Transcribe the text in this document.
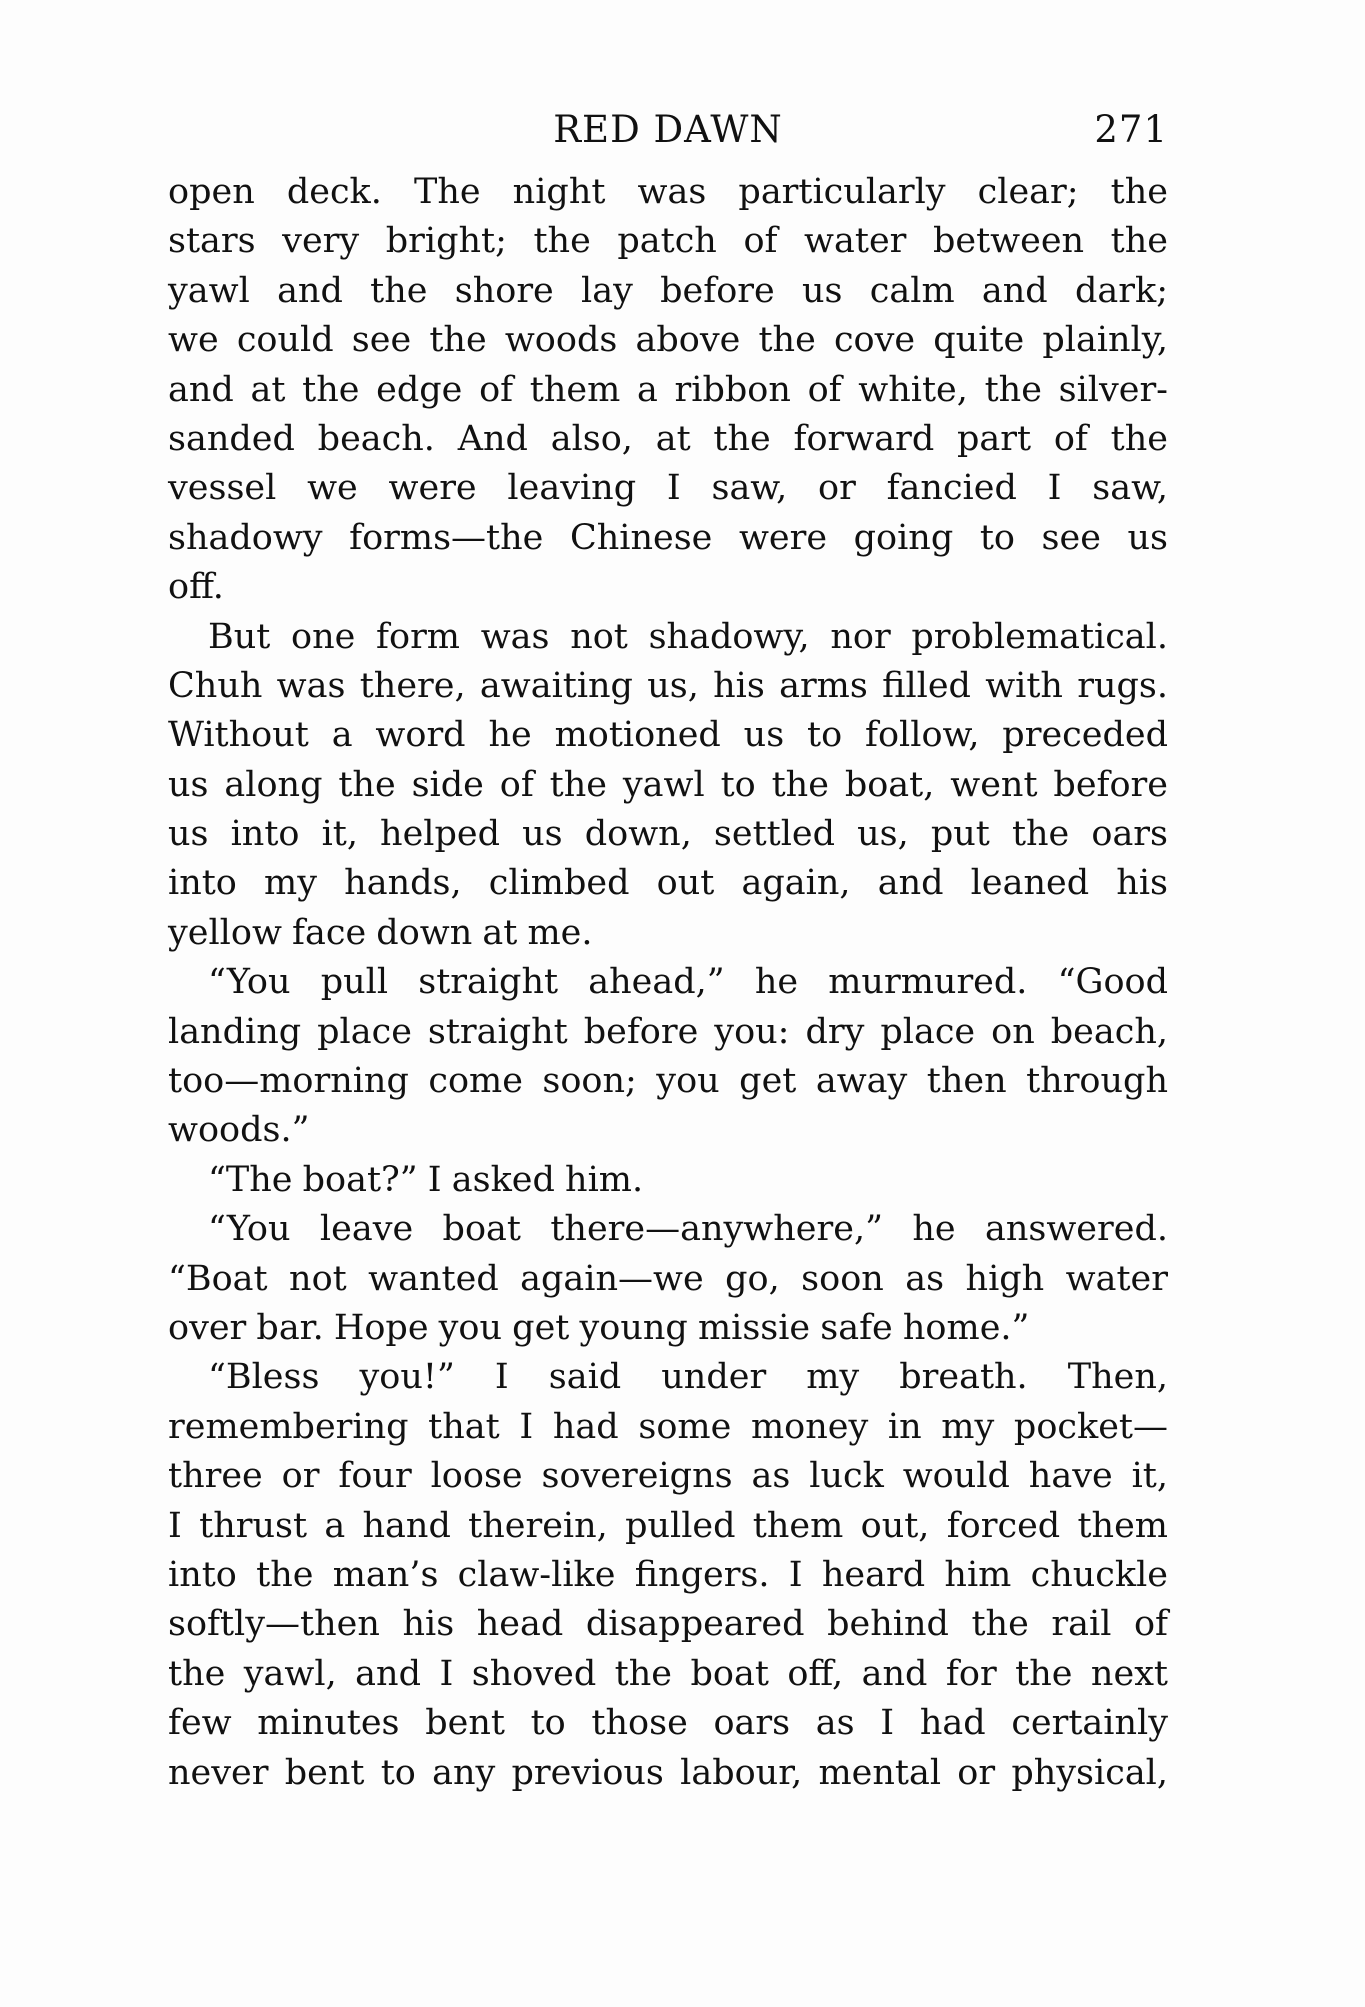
RED DAWN	271
open deck. The night was particularly clear; the
stars very bright; the patch of water between the
yawl and the shore lay before us calm and dark;
we could see the woods above the cove quite plainly,
and at the edge of them a ribbon of white, the silver-
sanded beach. And also, at the forward part of the
vessel we were leaving I saw, or fancied I saw,
shadowy forms—the Chinese were going to see us
off.
But one form was not shadowy, nor problematical.
Chuh was there, awaiting us, his arms filled with rugs.
Without a word he motioned us to follow, preceded
us along the side of the yawl to the boat, went before
us into it, helped us down, settled us, put the oars
into my hands, climbed out again, and leaned his
yellow face down at me.
“You pull straight ahead,” he murmured. “Good
landing place straight before you: dry place on beach,
too—morning come soon; you get away then through
woods.”
“The boat?” I asked him.
“You leave boat there—anywhere,” he answered.
“Boat not wanted again—we go, soon as high water
over bar. Hope you get young missie safe home.”
“Bless you!” I said under my breath. Then,
remembering that I had some money in my pocket—
three or four loose sovereigns as luck would have it,
I thrust a hand therein, pulled them out, forced them
into the man’s claw-like fingers. I heard him chuckle
softly—then his head disappeared behind the rail of
the yawl, and I shoved the boat off, and for the next
few minutes bent to those oars as I had certainly
never bent to any previous labour, mental or physical,
